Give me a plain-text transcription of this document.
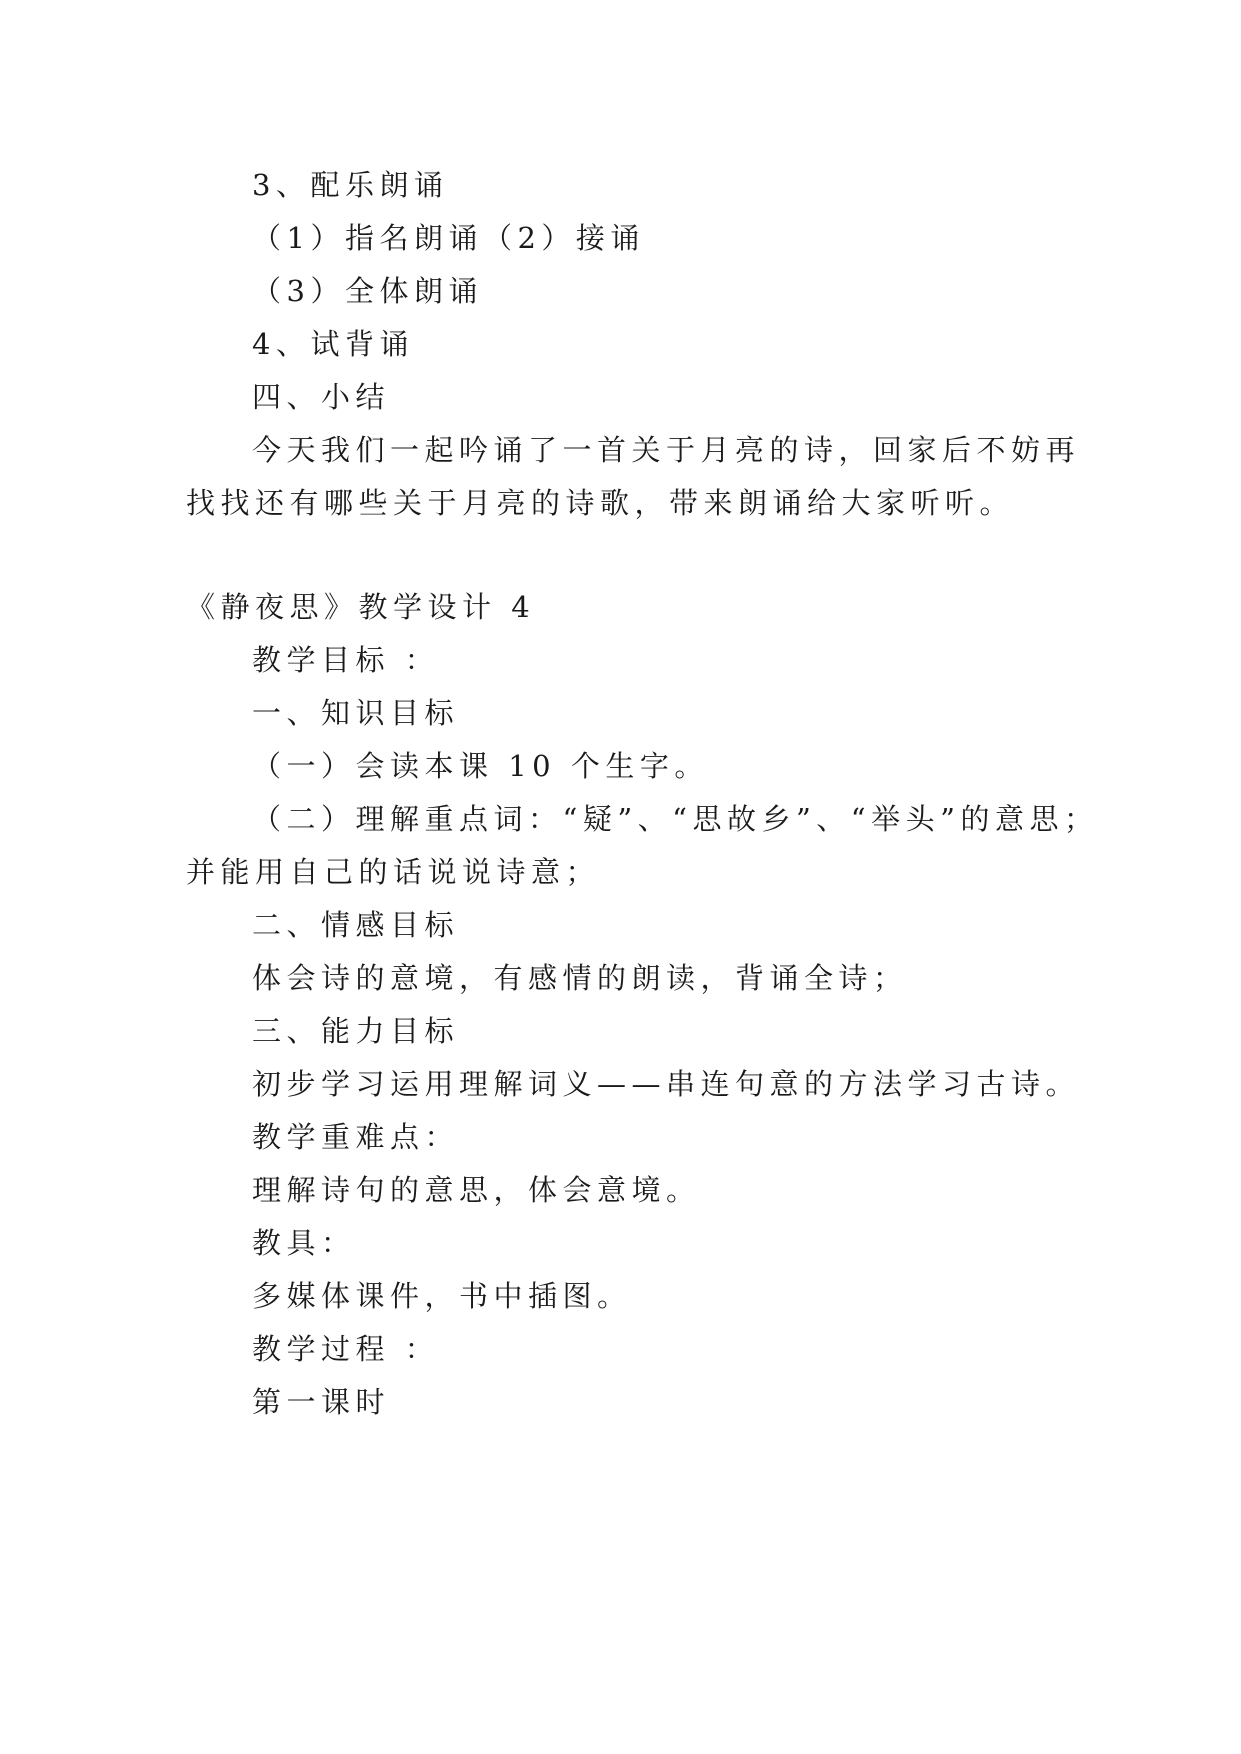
3、配乐朗诵
（1）指名朗诵（2）接诵
（3）全体朗诵
4、试背诵
四、小结
今天我们一起吟诵了一首关于月亮的诗，回家后不妨再
找找还有哪些关于月亮的诗歌，带来朗诵给大家听听。
《静夜思》教学设计 4
教学目标 ：
一、知识目标
（一）会读本课 10 个生字。
（二）理解重点词：“疑”、“思故乡”、“举头”的意思；
并能用自己的话说说诗意；
二、情感目标
体会诗的意境，有感情的朗读，背诵全诗；
三、能力目标
初步学习运用理解词义——串连句意的方法学习古诗。
教学重难点：
理解诗句的意思，体会意境。
教具：
多媒体课件，书中插图。
教学过程 ：
第一课时
